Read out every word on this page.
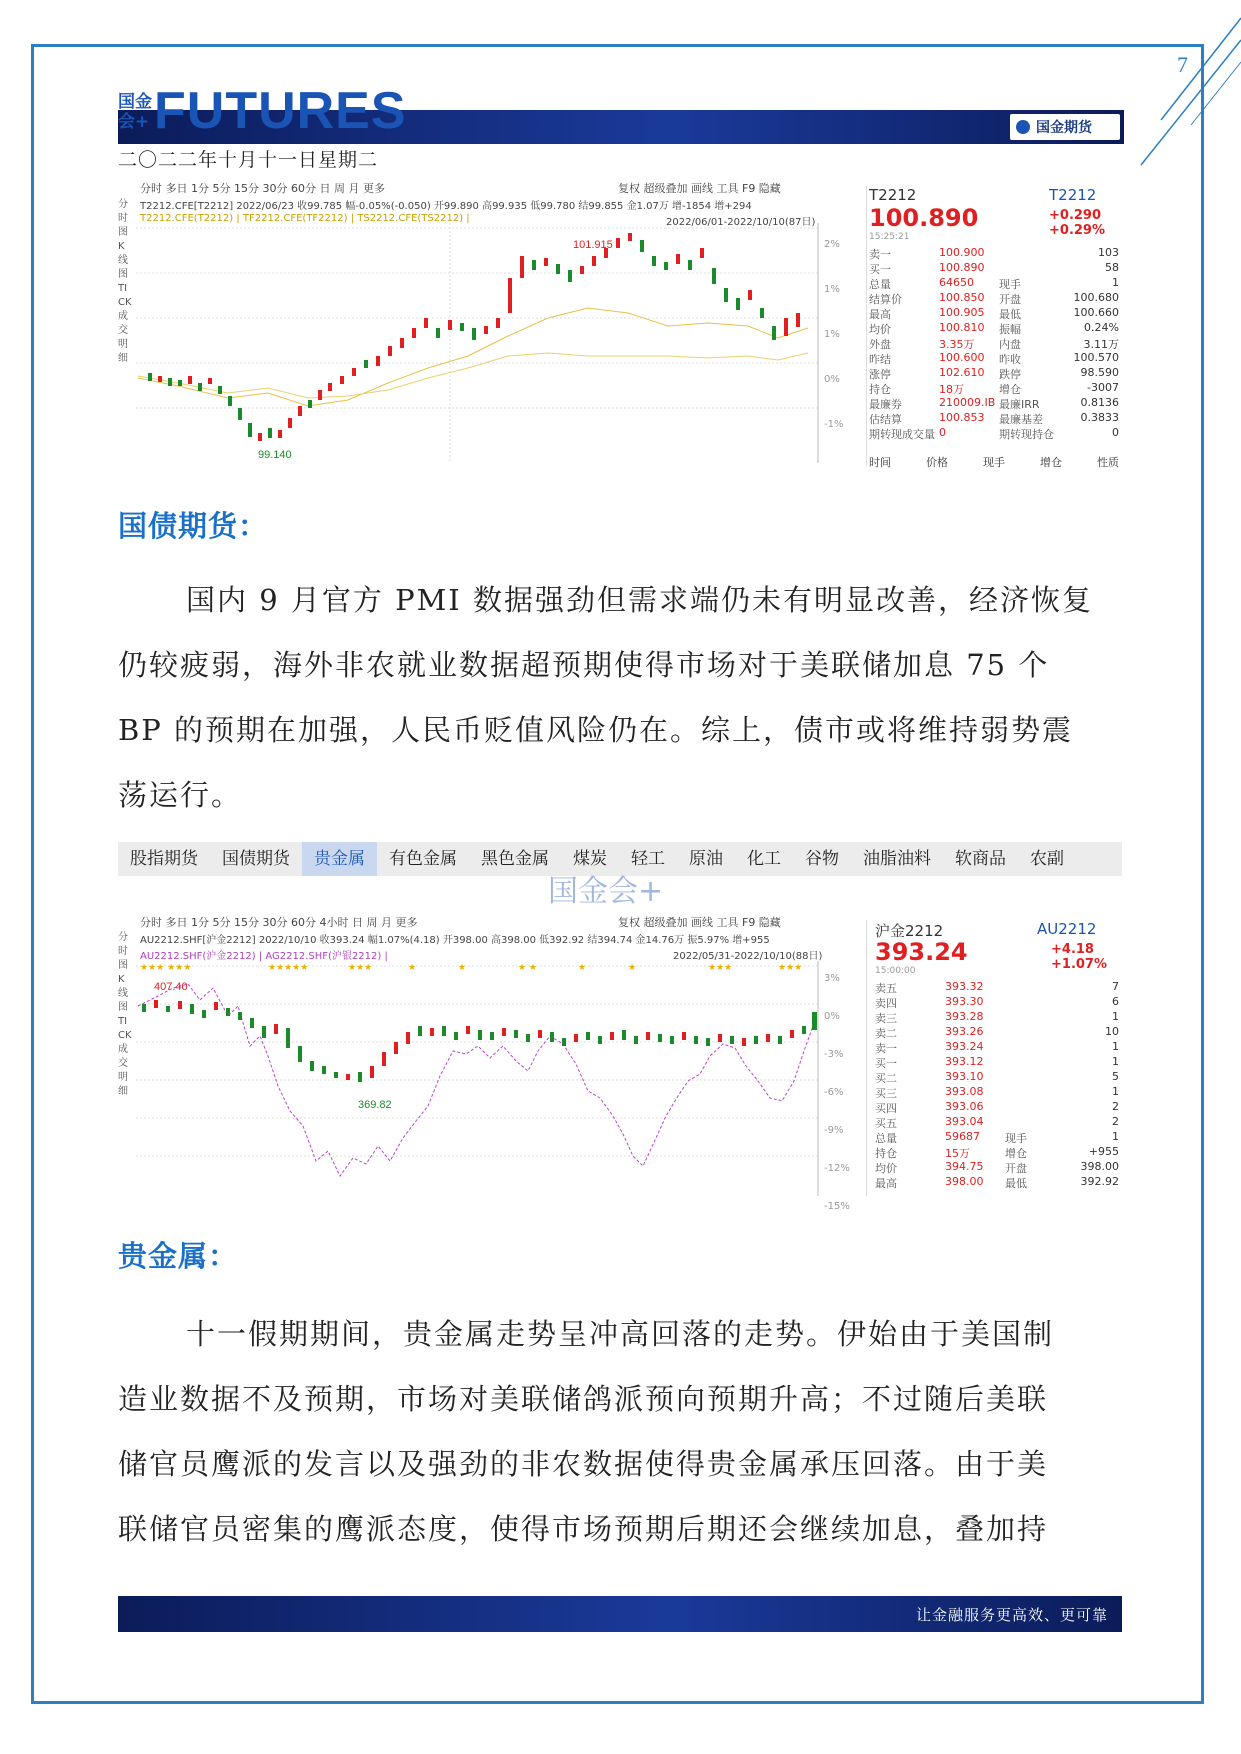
7
国金会+ FUTURES	国金期货
二〇二二年十月十一日星期二
分时 多日 1分 5分 15分 30分 60分 日 周 月 更多	复权 超级叠加 画线 工具 F9 隐藏
T2212.CFE[T2212] 2022/06/23 收99.785 幅-0.05%(-0.050) 开99.890 高99.935 低99.780 结99.855 金1.07万 增-1854 增+294
T2212.CFE(T2212) | TF2212.CFE(TF2212) | TS2212.CFE(TS2212) |	2022/06/01-2022/10/10(87日)
分时图 K线图 TICK 成交明细
101.915
99.140
2%
1%
1%
0%
-1%
T2212	T2212
100.890	+0.290
+0.29%
15:25:21
卖一	100.900	103
买一	100.890	58
总量	64650 现手	1
结算价	100.850 开盘	100.680
最高	100.905 最低	100.660
均价	100.810 振幅	0.24%
外盘	3.35万 内盘	3.11万
昨结	100.600 昨收	100.570
涨停	102.610 跌停	98.590
持仓	18万	增仓	-3007
最廉券	210009.IB 最廉IRR	0.8136
估结算	100.853 最廉基差	0.3833
期转现成交量 0	期转现持仓	0
时间	价格	现手	增仓	性质
国债期货：
国内 9 月官方 PMI 数据强劲但需求端仍未有明显改善，经济恢复
仍较疲弱，海外非农就业数据超预期使得市场对于美联储加息 75 个
BP 的预期在加强，人民币贬值风险仍在。综上，债市或将维持弱势震
荡运行。
股指期货	国债期货	贵金属	有色金属	黑色金属	煤炭	轻工	原油	化工	谷物	油脂油料	软商品	农副
国金会+
分时 多日 1分 5分 15分 30分 60分 4小时 日 周 月 更多	复权 超级叠加 画线 工具 F9 隐藏
AU2212.SHF[沪金2212] 2022/10/10 收393.24 幅1.07%(4.18) 开398.00 高398.00 低392.92 结394.74 金14.76万 振5.97% 增+955
AU2212.SHF(沪金2212) | AG2212.SHF(沪银2212) |	2022/05/31-2022/10/10(88日)
分时图 K线图 TICK 成交明细
★★★ ★★★	★★★★★	★★★	★	★	★ ★	★	★	★★★	★★★
407.40
369.82
3%
0%
-3%
-6%
-9%
-12%
-15%
沪金2212	AU2212
393.24	+4.18
+1.07%
15:00:00
卖五	393.32	7
卖四	393.30	6
卖三	393.28	1
卖二	393.26	10
卖一	393.24	1
买一	393.12	1
买二	393.10	5
买三	393.08	1
买四	393.06	2
买五	393.04	2
总量	59687 现手	1
持仓	15万	增仓	+955
均价	394.75 开盘	398.00
最高	398.00 最低	392.92
贵金属：
十一假期期间，贵金属走势呈冲高回落的走势。伊始由于美国制
造业数据不及预期，市场对美联储鸽派预向预期升高；不过随后美联
储官员鹰派的发言以及强劲的非农数据使得贵金属承压回落。由于美
联储官员密集的鹰派态度，使得市场预期后期还会继续加息，叠加持
让金融服务更高效、更可靠
